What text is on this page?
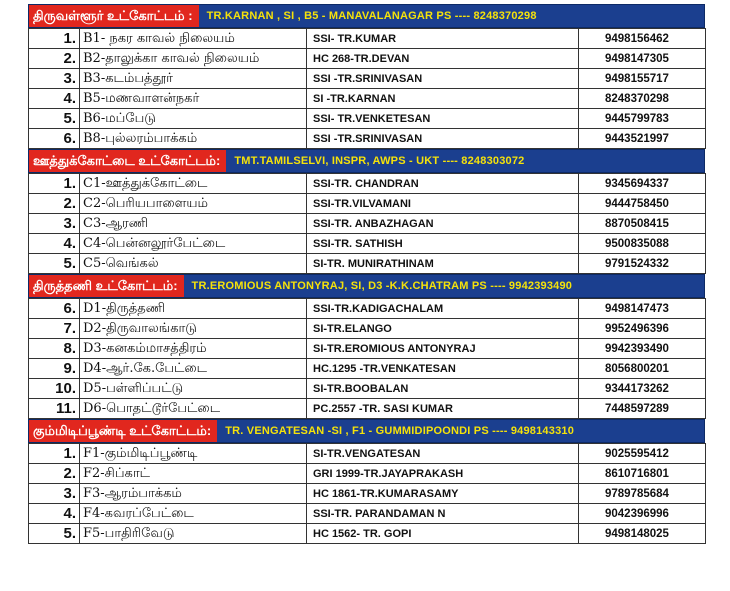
திருவள்ளூர் உட்கோட்டம் :	TR.KARNAN , SI , B5 - MANAVALANAGAR PS ---- 8248370298
1.	B1- நகர காவல் நிலையம்	SSI- TR.KUMAR	9498156462
2.	B2-தாலுக்கா காவல் நிலையம்	HC 268-TR.DEVAN	9498147305
3.	B3-கடம்பத்தூர்	SSI -TR.SRINIVASAN	9498155717
4.	B5-மணவாளன்நகர்	SI -TR.KARNAN	8248370298
5.	B6-மப்பேடு	SSI- TR.VENKETESAN	9445799783
6.	B8-புல்லரம்பாக்கம்	SSI -TR.SRINIVASAN	9443521997
ஊத்துக்கோட்டை உட்கோட்டம்:	TMT.TAMILSELVI, INSPR, AWPS - UKT ---- 8248303072
1.	C1-ஊத்துக்கோட்டை	SSI-TR. CHANDRAN	9345694337
2.	C2-பெரியபாளையம்	SSI-TR.VILVAMANI	9444758450
3.	C3-ஆரணி	SSI-TR. ANBAZHAGAN	8870508415
4.	C4-பென்னலூர்பேட்டை	SSI-TR. SATHISH	9500835088
5.	C5-வெங்கல்	SI-TR. MUNIRATHINAM	9791524332
திருத்தணி உட்கோட்டம்:	TR.EROMIOUS ANTONYRAJ, SI, D3 -K.K.CHATRAM PS ---- 9942393490
6.	D1-திருத்தணி	SSI-TR.KADIGACHALAM	9498147473
7.	D2-திருவாலங்காடு	SI-TR.ELANGO	9952496396
8.	D3-கனகம்மாசத்திரம்	SI-TR.EROMIOUS ANTONYRAJ	9942393490
9.	D4-ஆர்.கே.பேட்டை	HC.1295 -TR.VENKATESAN	8056800201
10.	D5-பள்ளிப்பட்டு	SI-TR.BOOBALAN	9344173262
11.	D6-பொதட்டூர்பேட்டை	PC.2557 -TR. SASI KUMAR	7448597289
கும்மிடிப்பூண்டி உட்கோட்டம்:	TR. VENGATESAN -SI , F1 - GUMMIDIPOONDI PS ---- 9498143310
1.	F1-கும்மிடிப்பூண்டி	SI-TR.VENGATESAN	9025595412
2.	F2-சிப்காட்	GRI 1999-TR.JAYAPRAKASH	8610716801
3.	F3-ஆரம்பாக்கம்	HC 1861-TR.KUMARASAMY	9789785684
4.	F4-கவரப்பேட்டை	SSI-TR. PARANDAMAN N	9042396996
5.	F5-பாதிரிவேடு	HC 1562- TR. GOPI	9498148025
